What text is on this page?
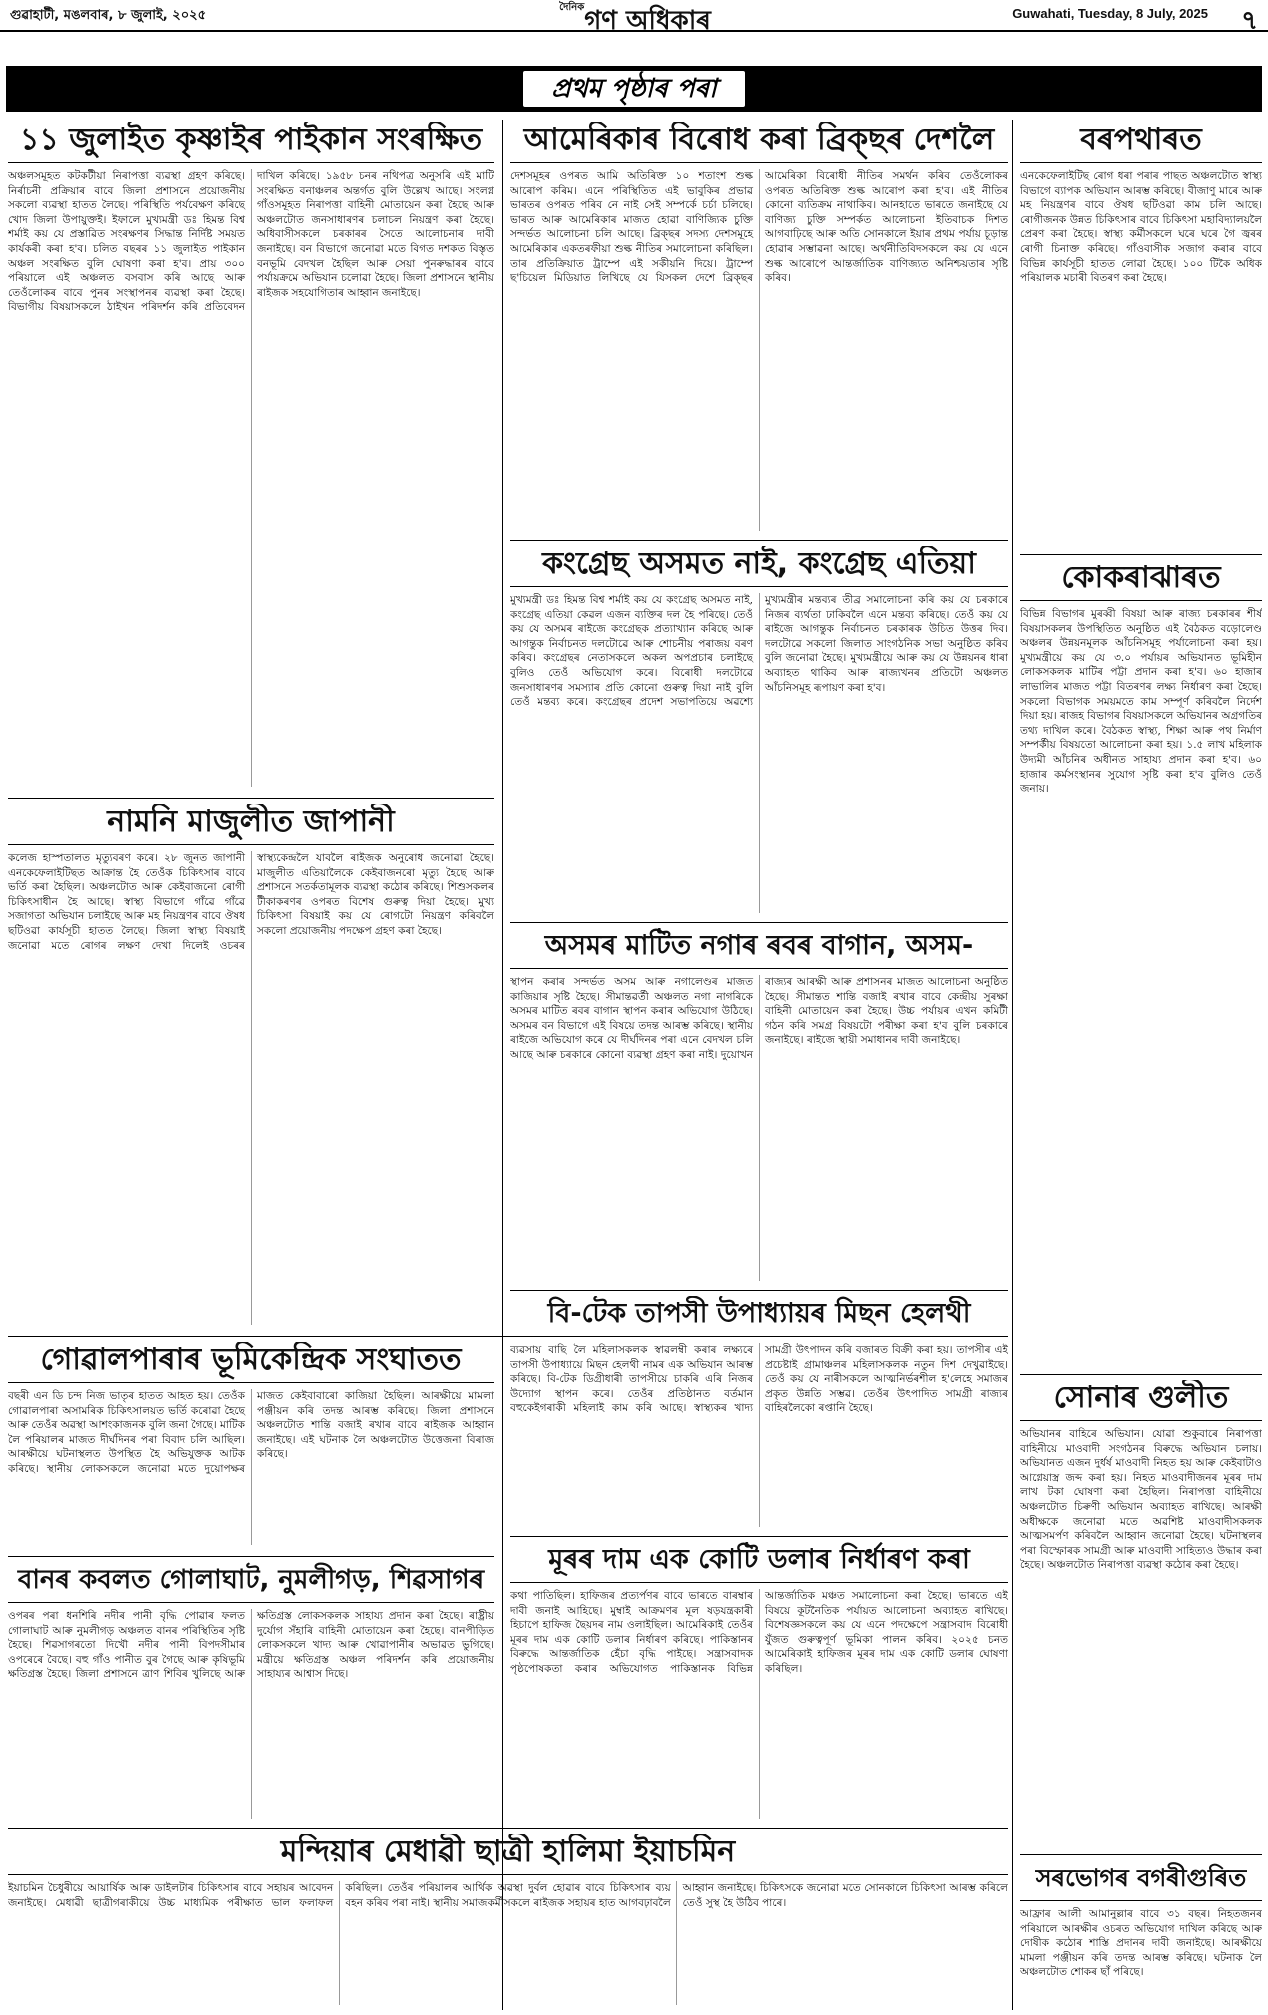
গুৱাহাটী, মঙলবাৰ, ৮ জুলাই, ২০২৫
$^{দৈনিক}$গণ অধিকাৰ	Guwahati, Tuesday, 8 July, 2025 ৭
প্ৰথম পৃষ্ঠাৰ পৰা
১১ জুলাইত কৃষ্ণাইৰ পাইকান সংৰক্ষিত
অঞ্চলসমূহত কটকটীয়া নিৰাপত্তা ব্যৱস্থা গ্ৰহণ কৰিছে। নিৰ্ৰাচনী প্ৰক্ৰিয়াৰ বাবে জিলা প্ৰশাসনে প্ৰয়োজনীয় সকলো ব্যৱস্থা হাতত লৈছে। পৰিস্থিতি পৰ্যবেক্ষণ কৰিছে খোদ জিলা উপায়ুক্তই। ইফালে মুখ্যমন্ত্ৰী ডঃ হিমন্ত বিশ্ব শৰ্মাই কয় যে প্ৰস্তাৱিত সংৰক্ষণৰ সিদ্ধান্ত নিৰ্দিষ্ট সময়ত কাৰ্যকৰী কৰা হ'ব। চলিত বছৰৰ ১১ জুলাইত পাইকান অঞ্চল সংৰক্ষিত বুলি ঘোষণা কৰা হ'ব। প্ৰায় ৩০০ পৰিয়ালে এই অঞ্চলত বসবাস কৰি আছে আৰু তেওঁলোকৰ বাবে পুনৰ সংস্থাপনৰ ব্যৱস্থা কৰা হৈছে। বিভাগীয় বিষয়াসকলে ঠাইখন পৰিদৰ্শন কৰি প্ৰতিবেদন দাখিল কৰিছে। ১৯৫৮ চনৰ নথিপত্ৰ অনুসৰি এই মাটি সংৰক্ষিত বনাঞ্চলৰ অন্তৰ্গত বুলি উল্লেখ আছে। সংলগ্ন গাঁওসমূহত নিৰাপত্তা বাহিনী মোতায়েন কৰা হৈছে আৰু অঞ্চলটোত জনসাধাৰণৰ চলাচল নিয়ন্ত্ৰণ কৰা হৈছে। অধিবাসীসকলে চৰকাৰৰ সৈতে আলোচনাৰ দাবী জনাইছে। বন বিভাগে জনোৱা মতে বিগত দশকত বিস্তৃত বনভূমি বেদখল হৈছিল আৰু সেয়া পুনৰুদ্ধাৰৰ বাবে পৰ্যায়ক্ৰমে অভিযান চলোৱা হৈছে। জিলা প্ৰশাসনে স্থানীয় ৰাইজক সহযোগিতাৰ আহ্বান জনাইছে।
নামনি মাজুলীত জাপানী
কলেজ হাস্পতালত মৃত্যুবৰণ কৰে। ২৮ জুনত জাপানী এনকেফেলাইটিছত আক্ৰান্ত হৈ তেওঁক চিকিৎসাৰ বাবে ভৰ্তি কৰা হৈছিল। অঞ্চলটোত আৰু কেইবাজনো ৰোগী চিকিৎসাধীন হৈ আছে। স্বাস্থ্য বিভাগে গাঁৱে গাঁৱে সজাগতা অভিযান চলাইছে আৰু মহ নিয়ন্ত্ৰণৰ বাবে ঔষধ ছটিওৱা কাৰ্যসূচী হাতত লৈছে। জিলা স্বাস্থ্য বিষয়াই জনোৱা মতে ৰোগৰ লক্ষণ দেখা দিলেই ওচৰৰ স্বাস্থ্যকেন্দ্ৰলৈ যাবলৈ ৰাইজক অনুৰোধ জনোৱা হৈছে। মাজুলীত এতিয়ালৈকে কেইবাজনৰো মৃত্যু হৈছে আৰু প্ৰশাসনে সতৰ্কতামূলক ব্যৱস্থা কঠোৰ কৰিছে। শিশুসকলৰ টীকাকৰণৰ ওপৰত বিশেষ গুৰুত্ব দিয়া হৈছে। মুখ্য চিকিৎসা বিষয়াই কয় যে ৰোগটো নিয়ন্ত্ৰণ কৰিবলৈ সকলো প্ৰয়োজনীয় পদক্ষেপ গ্ৰহণ কৰা হৈছে।
গোৱালপাৰাৰ ভূমিকেন্দ্ৰিক সংঘাতত
বছৰী এন ডি চন্দ নিজ ভাতৃৰ হাতত আহত হয়। তেওঁক গোৱালপাৰা অসামৰিক চিকিৎসালয়ত ভৰ্তি কৰোৱা হৈছে আৰু তেওঁৰ অৱস্থা আশংকাজনক বুলি জনা গৈছে। মাটিক লৈ পৰিয়ালৰ মাজত দীৰ্ঘদিনৰ পৰা বিবাদ চলি আছিল। আৰক্ষীয়ে ঘটনাস্থলত উপস্থিত হৈ অভিযুক্তক আটক কৰিছে। স্থানীয় লোকসকলে জনোৱা মতে দুয়োপক্ষৰ মাজত কেইবাবাৰো কাজিয়া হৈছিল। আৰক্ষীয়ে মামলা পঞ্জীয়ন কৰি তদন্ত আৰম্ভ কৰিছে। জিলা প্ৰশাসনে অঞ্চলটোত শান্তি বজাই ৰখাৰ বাবে ৰাইজক আহ্বান জনাইছে। এই ঘটনাক লৈ অঞ্চলটোত উত্তেজনা বিৰাজ কৰিছে।
বানৰ কবলত গোলাঘাট, নুমলীগড়, শিৱসাগৰ
ওপৰৰ পৰা ধনশিৰি নদীৰ পানী বৃদ্ধি পোৱাৰ ফলত গোলাঘাট আৰু নুমলীগড় অঞ্চলত বানৰ পৰিস্থিতিৰ সৃষ্টি হৈছে। শিৱসাগৰতো দিখৌ নদীৰ পানী বিপদসীমাৰ ওপৰেৰে বৈছে। বহু গাঁও পানীত বুৰ গৈছে আৰু কৃষিভূমি ক্ষতিগ্ৰস্ত হৈছে। জিলা প্ৰশাসনে ত্ৰাণ শিবিৰ খুলিছে আৰু ক্ষতিগ্ৰস্ত লোকসকলক সাহায্য প্ৰদান কৰা হৈছে। ৰাষ্ট্ৰীয় দুৰ্যোগ সঁহাৰি বাহিনী মোতায়েন কৰা হৈছে। বানপীড়িত লোকসকলে খাদ্য আৰু খোৱাপানীৰ অভাৱত ভুগিছে। মন্ত্ৰীয়ে ক্ষতিগ্ৰস্ত অঞ্চল পৰিদৰ্শন কৰি প্ৰয়োজনীয় সাহায্যৰ আশ্বাস দিছে।
মন্দিয়াৰ মেধাৱী ছাত্ৰী হালিমা ইয়াচমিন
ইয়াচমিন চৈধুৰীয়ে আয়াৰ্ষিক আৰু ডাইলটাৰ চিকিৎসাৰ বাবে সহায়ৰ আবেদন জনাইছে। মেধাৱী ছাত্ৰীগৰাকীয়ে উচ্চ মাধ্যমিক পৰীক্ষাত ভাল ফলাফল কৰিছিল। তেওঁৰ পৰিয়ালৰ আৰ্থিক অৱস্থা দুৰ্বল হোৱাৰ বাবে চিকিৎসাৰ ব্যয় বহন কৰিব পৰা নাই। স্থানীয় সমাজকৰ্মীসকলে ৰাইজক সহায়ৰ হাত আগবঢ়াবলৈ আহ্বান জনাইছে। চিকিৎসকে জনোৱা মতে সোনকালে চিকিৎসা আৰম্ভ কৰিলে তেওঁ সুস্থ হৈ উঠিব পাৰে।
আমেৰিকাৰ বিৰোধ কৰা ব্ৰিক্‌ছৰ দেশলৈ
দেশসমূহৰ ওপৰত আমি অতিৰিক্ত ১০ শতাংশ শুল্ক আৰোপ কৰিম। এনে পৰিস্থিতিত এই ভাবুকিৰ প্ৰভাৱ ভাৰতৰ ওপৰত পৰিব নে নাই সেই সম্পৰ্কে চৰ্চা চলিছে। ভাৰত আৰু আমেৰিকাৰ মাজত হোৱা বাণিজ্যিক চুক্তি সন্দৰ্ভত আলোচনা চলি আছে। ব্ৰিক্‌ছৰ সদস্য দেশসমূহে আমেৰিকাৰ একতৰফীয়া শুল্ক নীতিৰ সমালোচনা কৰিছিল। তাৰ প্ৰতিক্ৰিয়াত ট্ৰাম্পে এই সকীয়নি দিয়ে। ট্ৰাম্পে ছ'চিয়েল মিডিয়াত লিখিছে যে যিসকল দেশে ব্ৰিক্‌ছৰ আমেৰিকা বিৰোধী নীতিৰ সমৰ্থন কৰিব তেওঁলোকৰ ওপৰত অতিৰিক্ত শুল্ক আৰোপ কৰা হ'ব। এই নীতিৰ কোনো ব্যতিক্ৰম নাথাকিব। আনহাতে ভাৰতে জনাইছে যে বাণিজ্য চুক্তি সম্পৰ্কত আলোচনা ইতিবাচক দিশত আগবাঢ়িছে আৰু অতি সোনকালে ইয়াৰ প্ৰথম পৰ্যায় চূড়ান্ত হোৱাৰ সম্ভাৱনা আছে। অৰ্থনীতিবিদসকলে কয় যে এনে শুল্ক আৰোপে আন্তৰ্জাতিক বাণিজ্যত অনিশ্চয়তাৰ সৃষ্টি কৰিব।
কংগ্ৰেছ অসমত নাই, কংগ্ৰেছ এতিয়া
মুখ্যমন্ত্ৰী ডঃ হিমন্ত বিশ্ব শৰ্মাই কয় যে কংগ্ৰেছ অসমত নাই, কংগ্ৰেছ এতিয়া কেৱল এজন ব্যক্তিৰ দল হৈ পৰিছে। তেওঁ কয় যে অসমৰ ৰাইজে কংগ্ৰেছক প্ৰত্যাখ্যান কৰিছে আৰু আগন্তুক নিৰ্বাচনত দলটোৱে আৰু শোচনীয় পৰাজয় বৰণ কৰিব। কংগ্ৰেছৰ নেতাসকলে অকল অপপ্ৰচাৰ চলাইছে বুলিও তেওঁ অভিযোগ কৰে। বিৰোধী দলটোৱে জনসাধাৰণৰ সমস্যাৰ প্ৰতি কোনো গুৰুত্ব দিয়া নাই বুলি তেওঁ মন্তব্য কৰে। কংগ্ৰেছৰ প্ৰদেশ সভাপতিয়ে অৱশ্যে মুখ্যমন্ত্ৰীৰ মন্তব্যৰ তীব্ৰ সমালোচনা কৰি কয় যে চৰকাৰে নিজৰ ব্যৰ্থতা ঢাকিবলৈ এনে মন্তব্য কৰিছে। তেওঁ কয় যে ৰাইজে আগন্তুক নিৰ্বাচনত চৰকাৰক উচিত উত্তৰ দিব। দলটোৱে সকলো জিলাত সাংগঠনিক সভা অনুষ্ঠিত কৰিব বুলি জনোৱা হৈছে। মুখ্যমন্ত্ৰীয়ে আৰু কয় যে উন্নয়নৰ ধাৰা অব্যাহত থাকিব আৰু ৰাজ্যখনৰ প্ৰতিটো অঞ্চলত আঁচনিসমূহ ৰূপায়ণ কৰা হ'ব।
অসমৰ মাটিত নগাৰ ৰবৰ বাগান, অসম-
স্থাপন কৰাৰ সন্দৰ্ভত অসম আৰু নগালেণ্ডৰ মাজত কাজিয়াৰ সৃষ্টি হৈছে। সীমান্তৱৰ্তী অঞ্চলত নগা নাগৰিকে অসমৰ মাটিত ৰবৰ বাগান স্থাপন কৰাৰ অভিযোগ উঠিছে। অসমৰ বন বিভাগে এই বিষয়ে তদন্ত আৰম্ভ কৰিছে। স্থানীয় ৰাইজে অভিযোগ কৰে যে দীৰ্ঘদিনৰ পৰা এনে বেদখল চলি আছে আৰু চৰকাৰে কোনো ব্যৱস্থা গ্ৰহণ কৰা নাই। দুয়োখন ৰাজ্যৰ আৰক্ষী আৰু প্ৰশাসনৰ মাজত আলোচনা অনুষ্ঠিত হৈছে। সীমান্তত শান্তি বজাই ৰখাৰ বাবে কেন্দ্ৰীয় সুৰক্ষা বাহিনী মোতায়েন কৰা হৈছে। উচ্চ পৰ্যায়ৰ এখন কমিটী গঠন কৰি সমগ্ৰ বিষয়টো পৰীক্ষা কৰা হ'ব বুলি চৰকাৰে জনাইছে। ৰাইজে স্থায়ী সমাধানৰ দাবী জনাইছে।
বি-টেক তাপসী উপাধ্যায়ৰ মিছন হেলথী
ব্যৱসায় বাছি লৈ মহিলাসকলক স্বাৱলম্বী কৰাৰ লক্ষ্যৰে তাপসী উপাধ্যায়ে মিছন হেলথী নামৰ এক অভিযান আৰম্ভ কৰিছে। বি-টেক ডিগ্ৰীধাৰী তাপসীয়ে চাকৰি এৰি নিজৰ উদ্যোগ স্থাপন কৰে। তেওঁৰ প্ৰতিষ্ঠানত বৰ্তমান বহুকেইগৰাকী মহিলাই কাম কৰি আছে। স্বাস্থ্যকৰ খাদ্য সামগ্ৰী উৎপাদন কৰি বজাৰত বিক্ৰী কৰা হয়। তাপসীৰ এই প্ৰচেষ্টাই গ্ৰামাঞ্চলৰ মহিলাসকলক নতুন দিশ দেখুৱাইছে। তেওঁ কয় যে নাৰীসকলে আত্মনিৰ্ভৰশীল হ'লেহে সমাজৰ প্ৰকৃত উন্নতি সম্ভৱ। তেওঁৰ উৎপাদিত সামগ্ৰী ৰাজ্যৰ বাহিৰলৈকো ৰপ্তানি হৈছে।
মূৰৰ দাম এক কোটি ডলাৰ নিৰ্ধাৰণ কৰা
কথা পাতিছিল। হাফিজৰ প্ৰত্যৰ্পণৰ বাবে ভাৰতে বাৰম্বাৰ দাবী জনাই আহিছে। মুম্বাই আক্ৰমণৰ মূল ষড়যন্ত্ৰকাৰী হিচাপে হাফিজ ছৈয়দৰ নাম ওলাইছিল। আমেৰিকাই তেওঁৰ মূৰৰ দাম এক কোটি ডলাৰ নিৰ্ধাৰণ কৰিছে। পাকিস্তানৰ বিৰুদ্ধে আন্তৰ্জাতিক হেঁচা বৃদ্ধি পাইছে। সন্ত্ৰাসবাদক পৃষ্ঠপোষকতা কৰাৰ অভিযোগত পাকিস্তানক বিভিন্ন আন্তৰ্জাতিক মঞ্চত সমালোচনা কৰা হৈছে। ভাৰতে এই বিষয়ে কূটনৈতিক পৰ্যায়ত আলোচনা অব্যাহত ৰাখিছে। বিশেষজ্ঞসকলে কয় যে এনে পদক্ষেপে সন্ত্ৰাসবাদ বিৰোধী যুঁজত গুৰুত্বপূৰ্ণ ভূমিকা পালন কৰিব। ২০২৫ চনত আমেৰিকাই হাফিজৰ মূৰৰ দাম এক কোটি ডলাৰ ঘোষণা কৰিছিল।
বৰপথাৰত
এনকেফেলাইটিছ ৰোগ ধৰা পৰাৰ পাছত অঞ্চলটোত স্বাস্থ্য বিভাগে ব্যাপক অভিযান আৰম্ভ কৰিছে। বীজাণু মাৰে আৰু মহ নিয়ন্ত্ৰণৰ বাবে ঔষধ ছটিওৱা কাম চলি আছে। ৰোগীজনক উন্নত চিকিৎসাৰ বাবে চিকিৎসা মহাবিদ্যালয়লৈ প্ৰেৰণ কৰা হৈছে। স্বাস্থ্য কৰ্মীসকলে ঘৰে ঘৰে গৈ জ্বৰৰ ৰোগী চিনাক্ত কৰিছে। গাঁওবাসীক সজাগ কৰাৰ বাবে বিভিন্ন কাৰ্যসূচী হাতত লোৱা হৈছে। ১০০ টিকৈ অধিক পৰিয়ালক মচাৰী বিতৰণ কৰা হৈছে।
কোকৰাঝাৰত
বিভিন্ন বিভাগৰ মুৰব্বী বিষয়া আৰু ৰাজ্য চৰকাৰৰ শীৰ্ষ বিষয়াসকলৰ উপস্থিতিত অনুষ্ঠিত এই বৈঠকত বড়োলেণ্ড অঞ্চলৰ উন্নয়নমূলক আঁচনিসমূহ পৰ্যালোচনা কৰা হয়। মুখ্যমন্ত্ৰীয়ে কয় যে ৩.০ পৰ্যায়ৰ অভিযানত ভূমিহীন লোকসকলক মাটিৰ পট্টা প্ৰদান কৰা হ'ব। ৬০ হাজাৰ লাভালিৰ মাজত পট্টা বিতৰণৰ লক্ষ্য নিৰ্ধাৰণ কৰা হৈছে। সকলো বিভাগক সময়মতে কাম সম্পূৰ্ণ কৰিবলৈ নিৰ্দেশ দিয়া হয়। ৰাজহ বিভাগৰ বিষয়াসকলে অভিযানৰ অগ্ৰগতিৰ তথ্য দাখিল কৰে। বৈঠকত স্বাস্থ্য, শিক্ষা আৰু পথ নিৰ্মাণ সম্পৰ্কীয় বিষয়তো আলোচনা কৰা হয়। ১.৫ লাখ মহিলাক উদ্যমী আঁচনিৰ অধীনত সাহায্য প্ৰদান কৰা হ'ব। ৬০ হাজাৰ কৰ্মসংস্থানৰ সুযোগ সৃষ্টি কৰা হ'ব বুলিও তেওঁ জনায়।
সোনাৰ গুলীত
অভিযানৰ বাহিৰে অভিযান। যোৱা শুকুবাৰে নিৰাপত্তা বাহিনীয়ে মাওবাদী সংগঠনৰ বিৰুদ্ধে অভিযান চলায়। অভিযানত এজন দুৰ্ধৰ্ষ মাওবাদী নিহত হয় আৰু কেইবাটাও আগ্নেয়াস্ত্ৰ জব্দ কৰা হয়। নিহত মাওবাদীজনৰ মূৰৰ দাম লাখ টকা ঘোষণা কৰা হৈছিল। নিৰাপত্তা বাহিনীয়ে অঞ্চলটোত চিৰুণী অভিযান অব্যাহত ৰাখিছে। আৰক্ষী অধীক্ষকে জনোৱা মতে অৱশিষ্ট মাওবাদীসকলক আত্মসমৰ্পণ কৰিবলৈ আহ্বান জনোৱা হৈছে। ঘটনাস্থলৰ পৰা বিস্ফোৰক সামগ্ৰী আৰু মাওবাদী সাহিত্যও উদ্ধাৰ কৰা হৈছে। অঞ্চলটোত নিৰাপত্তা ব্যৱস্থা কঠোৰ কৰা হৈছে।
সৰভোগৰ বগৰীগুৰিত
আফ্ৰাৰ আলী আমানুল্লাৰ বাবে ৩১ বছৰ। নিহতজনৰ পৰিয়ালে আৰক্ষীৰ ওচৰত অভিযোগ দাখিল কৰিছে আৰু দোষীক কঠোৰ শাস্তি প্ৰদানৰ দাবী জনাইছে। আৰক্ষীয়ে মামলা পঞ্জীয়ন কৰি তদন্ত আৰম্ভ কৰিছে। ঘটনাক লৈ অঞ্চলটোত শোকৰ ছাঁ পৰিছে।
